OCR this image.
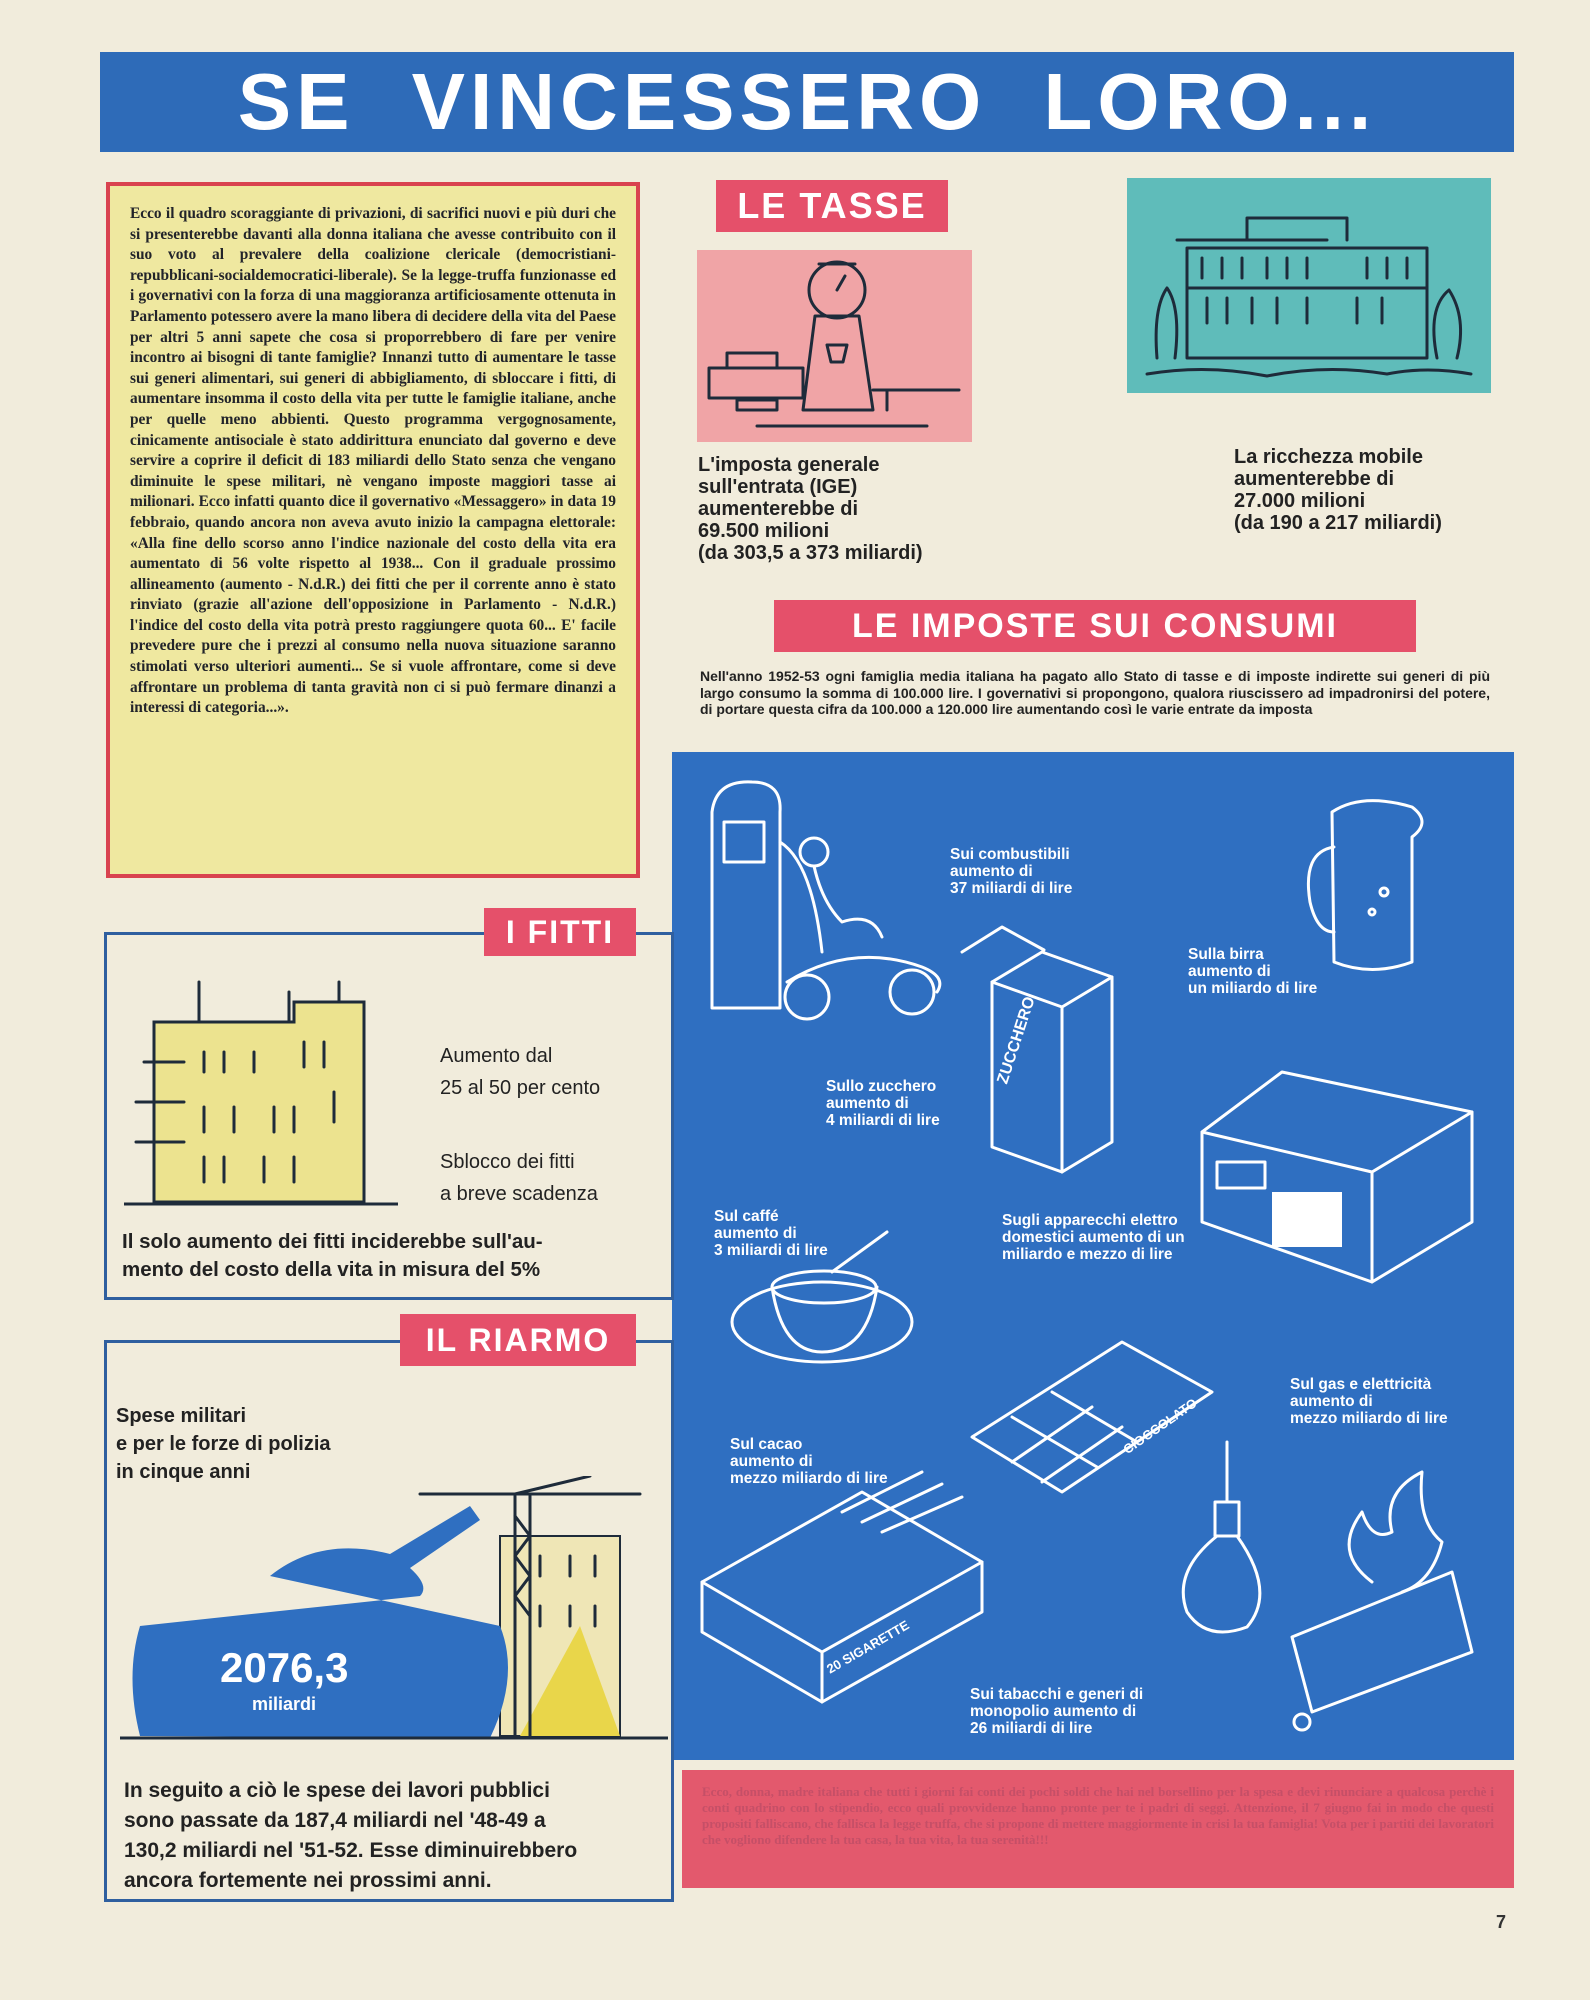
SE VINCESSERO LORO...
Ecco il quadro scoraggiante di privazioni, di sacrifici nuovi e più duri che si presenterebbe davanti alla donna italiana che avesse contribuito con il suo voto al prevalere della coalizione clericale (democristiani-repubblicani-socialdemocratici-liberale). Se la legge-truffa funzionasse ed i governativi con la forza di una maggioranza artificiosamente ottenuta in Parlamento potessero avere la mano libera di decidere della vita del Paese per altri 5 anni sapete che cosa si proporrebbero di fare per venire incontro ai bisogni di tante famiglie? Innanzi tutto di aumentare le tasse sui generi alimentari, sui generi di abbigliamento, di sbloccare i fitti, di aumentare insomma il costo della vita per tutte le famiglie italiane, anche per quelle meno abbienti. Questo programma vergognosamente, cinicamente antisociale è stato addirittura enunciato dal governo e deve servire a coprire il deficit di 183 miliardi dello Stato senza che vengano diminuite le spese militari, nè vengano imposte maggiori tasse ai milionari. Ecco infatti quanto dice il governativo «Messaggero» in data 19 febbraio, quando ancora non aveva avuto inizio la campagna elettorale: «Alla fine dello scorso anno l'indice nazionale del costo della vita era aumentato di 56 volte rispetto al 1938... Con il graduale prossimo allineamento (aumento - N.d.R.) dei fitti che per il corrente anno è stato rinviato (grazie all'azione dell'opposizione in Parlamento - N.d.R.) l'indice del costo della vita potrà presto raggiungere quota 60... E' facile prevedere pure che i prezzi al consumo nella nuova situazione saranno stimolati verso ulteriori aumenti... Se si vuole affrontare, come si deve affrontare un problema di tanta gravità non ci si può fermare dinanzi a interessi di categoria...».
LE TASSE
L'imposta generale
sull'entrata (IGE)
aumenterebbe di
69.500 milioni
(da 303,5 a 373 miliardi)
La ricchezza mobile
aumenterebbe di
27.000 milioni
(da 190 a 217 miliardi)
LE IMPOSTE SUI CONSUMI
Nell'anno 1952-53 ogni famiglia media italiana ha pagato allo Stato di tasse e di imposte indirette sui generi di più largo consumo la somma di 100.000 lire. I governativi si propongono, qualora riuscissero ad impadronirsi del potere, di portare questa cifra da 100.000 a 120.000 lire aumentando così le varie entrate da imposta
ZUCCHERO
CIOCCOLATO
20 SIGARETTE
Sui combustibili
aumento di
37 miliardi di lire
Sulla birra
aumento di
un miliardo di lire
Sullo zucchero
aumento di
4 miliardi di lire
Sul caffé
aumento di
3 miliardi di lire
Sugli apparecchi elettro
domestici aumento di un
miliardo e mezzo di lire
Sul gas e elettricità
aumento di
mezzo miliardo di lire
Sul cacao
aumento di
mezzo miliardo di lire
Sui tabacchi e generi di
monopolio aumento di
26 miliardi di lire
I FITTI
Aumento dal
25 al 50 per cento
Sblocco dei fitti
a breve scadenza
Il solo aumento dei fitti inciderebbe sull'au-
mento del costo della vita in misura del 5%
IL RIARMO
Spese militari
e per le forze di polizia
in cinque anni
2076,3
miliardi
In seguito a ciò le spese dei lavori pubblici
sono passate da 187,4 miliardi nel '48-49 a
130,2 miliardi nel '51-52. Esse diminuirebbero
ancora fortemente nei prossimi anni.
Ecco, donna, madre italiana che tutti i giorni fai conti dei pochi soldi che hai nel borsellino per la spesa e devi rinunciare a qualcosa perchè i conti quadrino con lo stipendio, ecco quali provvidenze hanno pronte per te i padri di seggi. Attenzione, il 7 giugno fai in modo che questi propositi falliscano, che fallisca la legge truffa, che si propone di mettere maggiormente in crisi la tua famiglia! Vota per i partiti dei lavoratori che vogliono difendere la tua casa, la tua vita, la tua serenità!!!
7
